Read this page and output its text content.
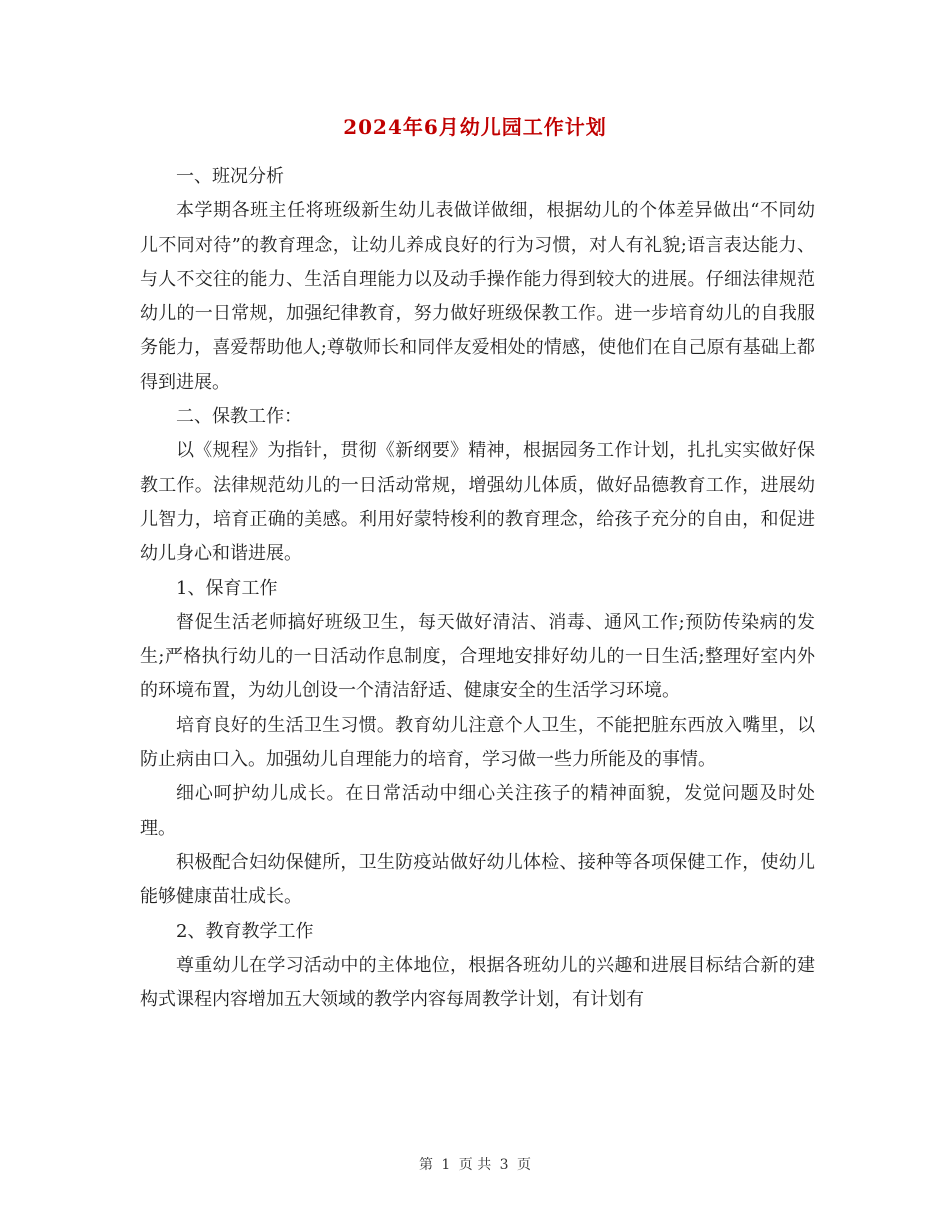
2024年6月幼儿园工作计划

一、班况分析

本学期各班主任将班级新生幼儿表做详做细，根据幼儿的个体差异做出“不同幼儿不同对待”的教育理念，让幼儿养成良好的行为习惯，对人有礼貌;语言表达能力、与人不交往的能力、生活自理能力以及动手操作能力得到较大的进展。仔细法律规范幼儿的一日常规，加强纪律教育，努力做好班级保教工作。进一步培育幼儿的自我服务能力，喜爱帮助他人;尊敬师长和同伴友爱相处的情感，使他们在自己原有基础上都得到进展。

二、保教工作：

以《规程》为指针，贯彻《新纲要》精神，根据园务工作计划，扎扎实实做好保教工作。法律规范幼儿的一日活动常规，增强幼儿体质，做好品德教育工作，进展幼儿智力，培育正确的美感。利用好蒙特梭利的教育理念，给孩子充分的自由，和促进幼儿身心和谐进展。

1、保育工作

督促生活老师搞好班级卫生，每天做好清洁、消毒、通风工作;预防传染病的发生;严格执行幼儿的一日活动作息制度，合理地安排好幼儿的一日生活;整理好室内外的环境布置，为幼儿创设一个清洁舒适、健康安全的生活学习环境。

培育良好的生活卫生习惯。教育幼儿注意个人卫生，不能把脏东西放入嘴里，以防止病由口入。加强幼儿自理能力的培育，学习做一些力所能及的事情。

细心呵护幼儿成长。在日常活动中细心关注孩子的精神面貌，发觉问题及时处理。

积极配合妇幼保健所，卫生防疫站做好幼儿体检、接种等各项保健工作，使幼儿能够健康苗壮成长。

2、教育教学工作

尊重幼儿在学习活动中的主体地位，根据各班幼儿的兴趣和进展目标结合新的建构式课程内容增加五大领域的教学内容每周教学计划，有计划有

第 1 页 共 3 页
